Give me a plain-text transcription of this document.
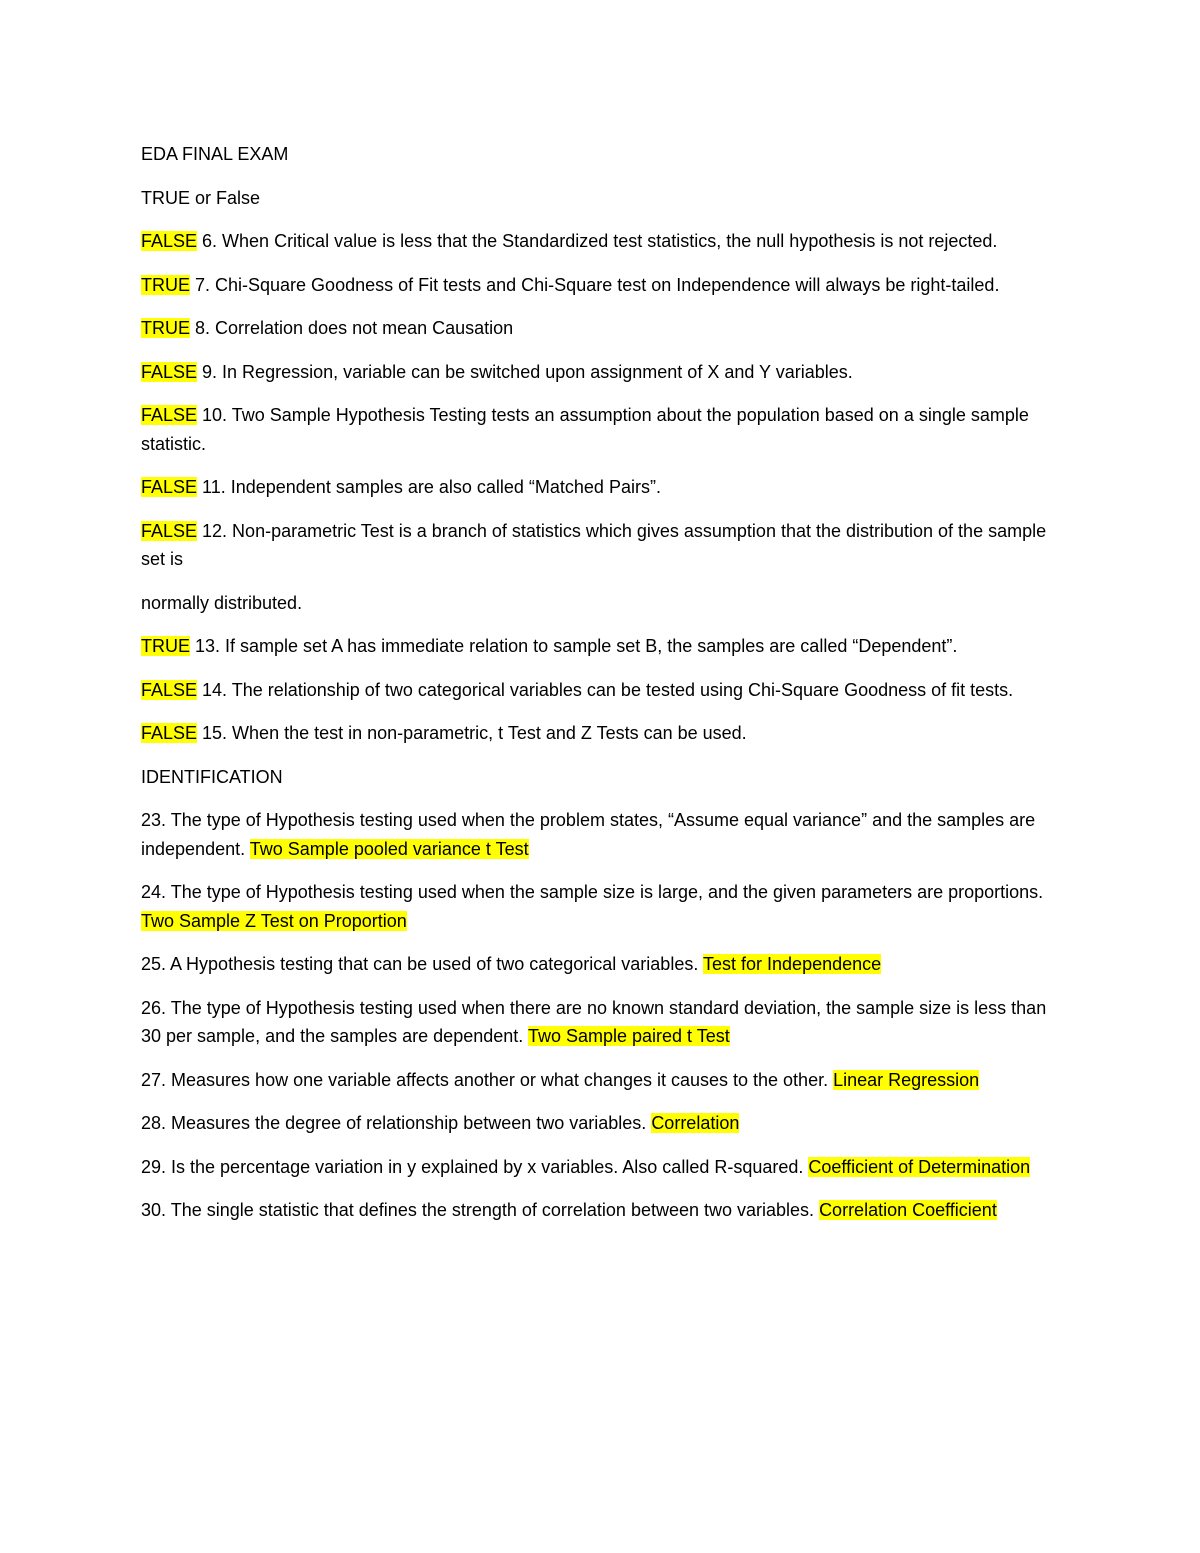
EDA FINAL EXAM

TRUE or False

FALSE 6. When Critical value is less that the Standardized test statistics, the null hypothesis is not rejected.

TRUE 7. Chi-Square Goodness of Fit tests and Chi-Square test on Independence will always be right-tailed.

TRUE 8. Correlation does not mean Causation

FALSE 9. In Regression, variable can be switched upon assignment of X and Y variables.

FALSE 10. Two Sample Hypothesis Testing tests an assumption about the population based on a single sample statistic.

FALSE 11. Independent samples are also called “Matched Pairs”.

FALSE 12. Non-parametric Test is a branch of statistics which gives assumption that the distribution of the sample set is

normally distributed.

TRUE 13. If sample set A has immediate relation to sample set B, the samples are called “Dependent”.

FALSE 14. The relationship of two categorical variables can be tested using Chi-Square Goodness of fit tests.

FALSE 15. When the test in non-parametric, t Test and Z Tests can be used.

IDENTIFICATION

23. The type of Hypothesis testing used when the problem states, “Assume equal variance” and the samples are independent. Two Sample pooled variance t Test

24. The type of Hypothesis testing used when the sample size is large, and the given parameters are proportions. Two Sample Z Test on Proportion

25. A Hypothesis testing that can be used of two categorical variables. Test for Independence

26. The type of Hypothesis testing used when there are no known standard deviation, the sample size is less than 30 per sample, and the samples are dependent. Two Sample paired t Test

27. Measures how one variable affects another or what changes it causes to the other. Linear Regression

28. Measures the degree of relationship between two variables. Correlation

29. Is the percentage variation in y explained by x variables. Also called R-squared. Coefficient of Determination

30. The single statistic that defines the strength of correlation between two variables. Correlation Coefficient
